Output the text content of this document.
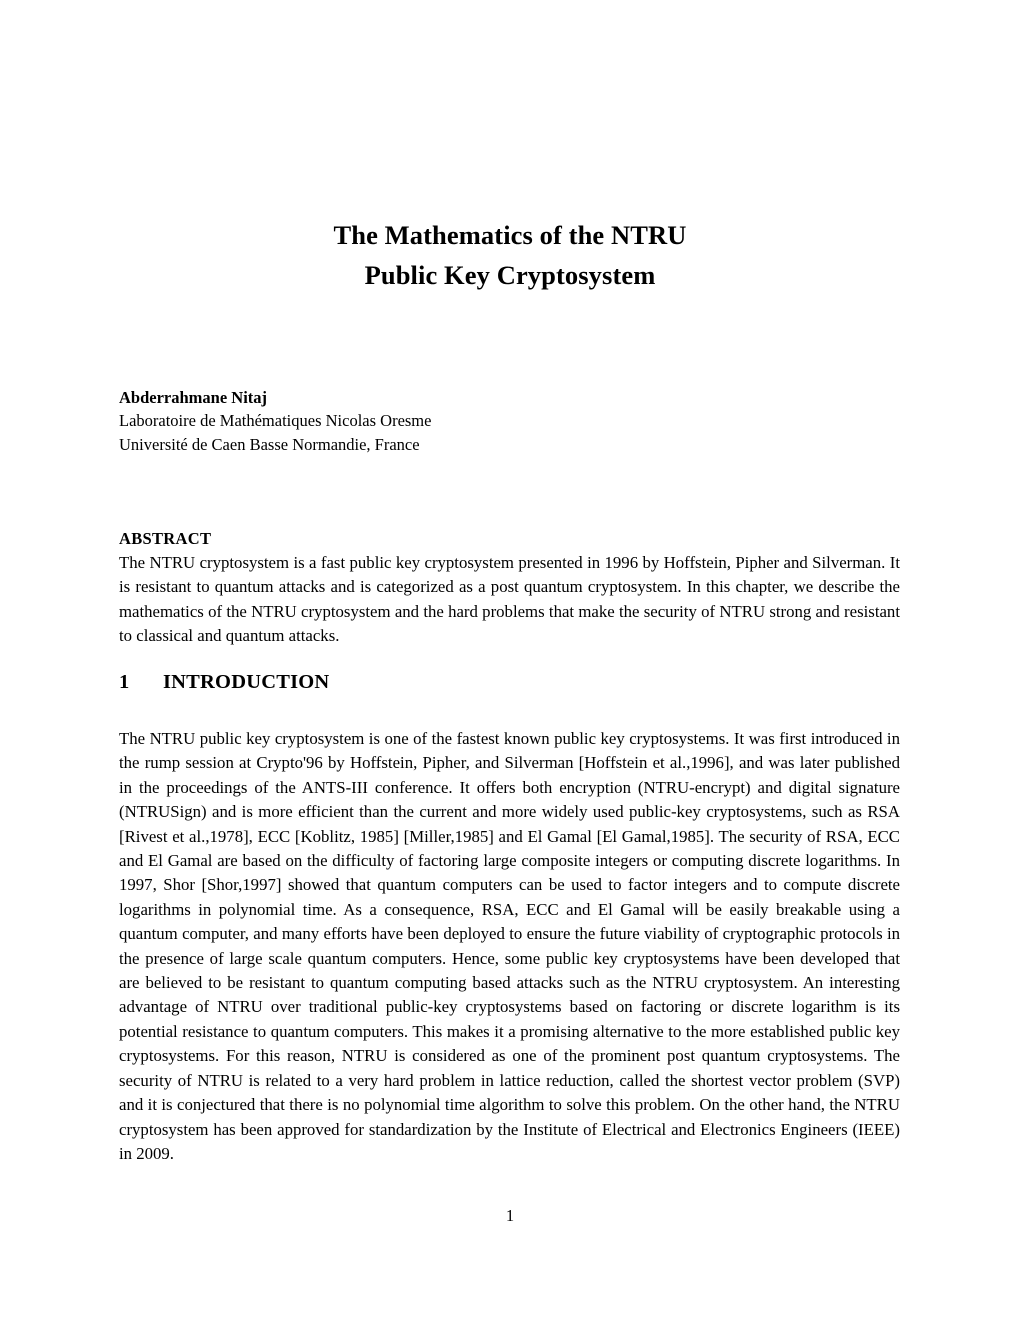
The Mathematics of the NTRU
Public Key Cryptosystem
Abderrahmane Nitaj
Laboratoire de Mathématiques Nicolas Oresme
Université de Caen Basse Normandie, France
ABSTRACT
The NTRU cryptosystem is a fast public key cryptosystem presented in 1996 by Hoffstein, Pipher and Silverman. It is resistant to quantum attacks and is categorized as a post quantum cryptosystem. In this chapter, we describe the mathematics of the NTRU cryptosystem and the hard problems that make the security of NTRU strong and resistant to classical and quantum attacks.
1 INTRODUCTION

The NTRU public key cryptosystem is one of the fastest known public key cryptosystems. It was first introduced in the rump session at Crypto'96 by Hoffstein, Pipher, and Silverman [Hoffstein et al.,1996], and was later published in the proceedings of the ANTS-III conference. It offers both encryption (NTRU-encrypt) and digital signature (NTRUSign) and is more efficient than the current and more widely used public-key cryptosystems, such as RSA [Rivest et al.,1978], ECC [Koblitz, 1985] [Miller,1985] and El Gamal [El Gamal,1985]. The security of RSA, ECC and El Gamal are based on the difficulty of factoring large composite integers or computing discrete logarithms. In 1997, Shor [Shor,1997] showed that quantum computers can be used to factor integers and to compute discrete logarithms in polynomial time. As a consequence, RSA, ECC and El Gamal will be easily breakable using a quantum computer, and many efforts have been deployed to ensure the future viability of cryptographic protocols in the presence of large scale quantum computers. Hence, some public key cryptosystems have been developed that are believed to be resistant to quantum computing based attacks such as the NTRU cryptosystem. An interesting advantage of NTRU over traditional public-key cryptosystems based on factoring or discrete logarithm is its potential resistance to quantum computers. This makes it a promising alternative to the more established public key cryptosystems. For this reason, NTRU is considered as one of the prominent post quantum cryptosystems. The security of NTRU is related to a very hard problem in lattice reduction, called the shortest vector problem (SVP) and it is conjectured that there is no polynomial time algorithm to solve this problem. On the other hand, the NTRU cryptosystem has been approved for standardization by the Institute of Electrical and Electronics Engineers (IEEE) in 2009.

1
